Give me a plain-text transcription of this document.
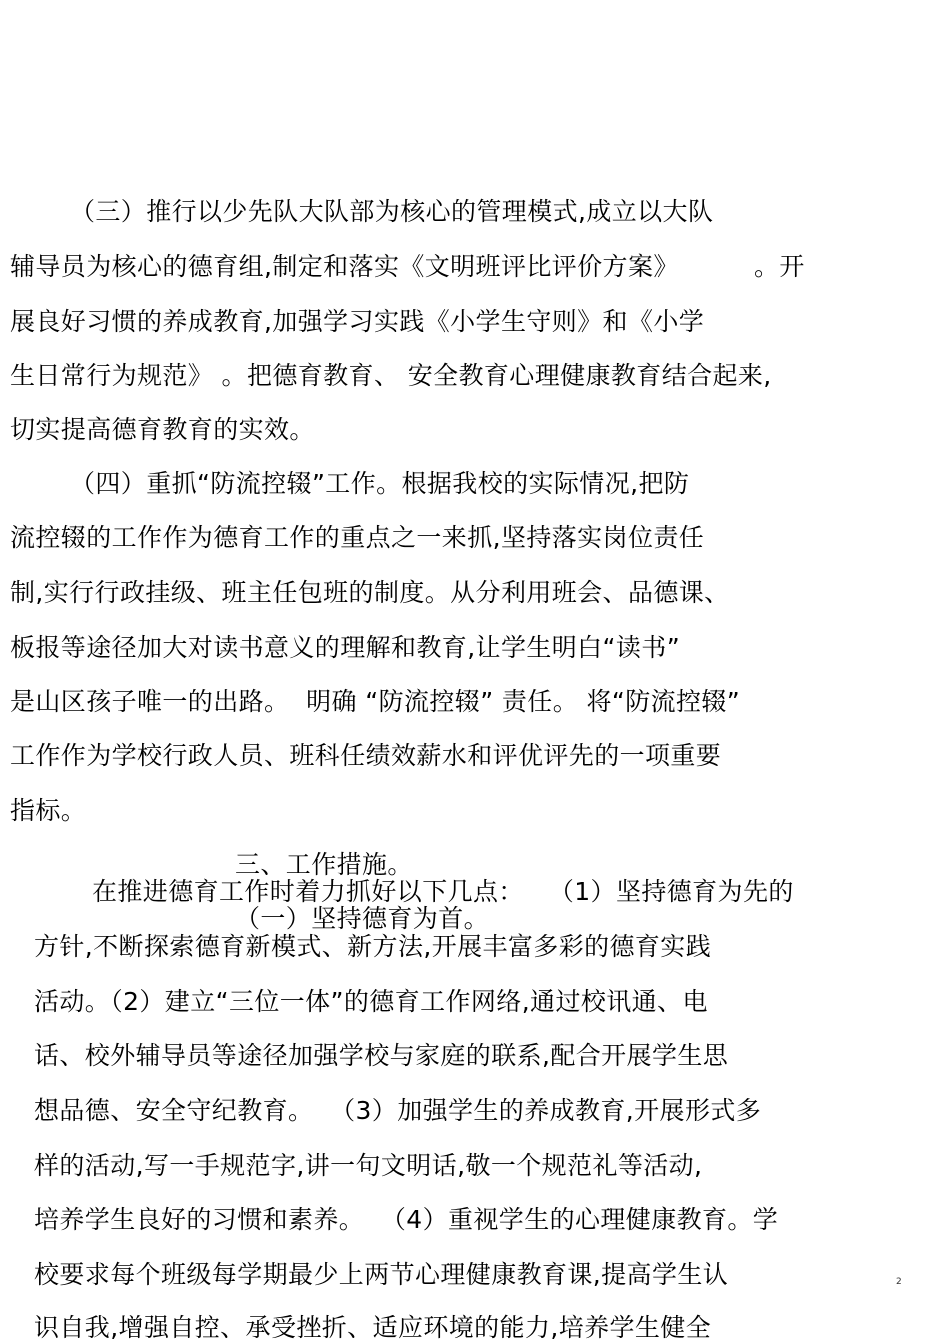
（三）推行以少先队大队部为核心的管理模式,成立以大队
辅导员为核心的德育组,制定和落实《文明班评比评价方案》	。开
展良好习惯的养成教育,加强学习实践《小学生守则》和《小学
生日常行为规范》 。把德育教育、 安全教育心理健康教育结合起来,
切实提高德育教育的实效。
（四）重抓“防流控辍”工作。根据我校的实际情况,把防
流控辍的工作作为德育工作的重点之一来抓,坚持落实岗位责任
制,实行行政挂级、班主任包班的制度。从分利用班会、品德课、
板报等途径加大对读书意义的理解和教育,让学生明白“读书”
是山区孩子唯一的出路。  明确 “防流控辍” 责任。 将“防流控辍”
工作作为学校行政人员、班科任绩效薪水和评优评先的一项重要
指标。
三、工作措施。
在推进德育工作时着力抓好以下几点：   （1）坚持德育为先的
（一）坚持德育为首。
方针,不断探索德育新模式、新方法,开展丰富多彩的德育实践
活动。（2）建立“三位一体”的德育工作网络,通过校讯通、电
话、校外辅导员等途径加强学校与家庭的联系,配合开展学生思
想品德、安全守纪教育。  （3）加强学生的养成教育,开展形式多
样的活动,写一手规范字,讲一句文明话,敬一个规范礼等活动,
培养学生良好的习惯和素养。  （4）重视学生的心理健康教育。学
校要求每个班级每学期最少上两节心理健康教育课,提高学生认
识自我,增强自控、承受挫折、适应环境的能力,培养学生健全
2
